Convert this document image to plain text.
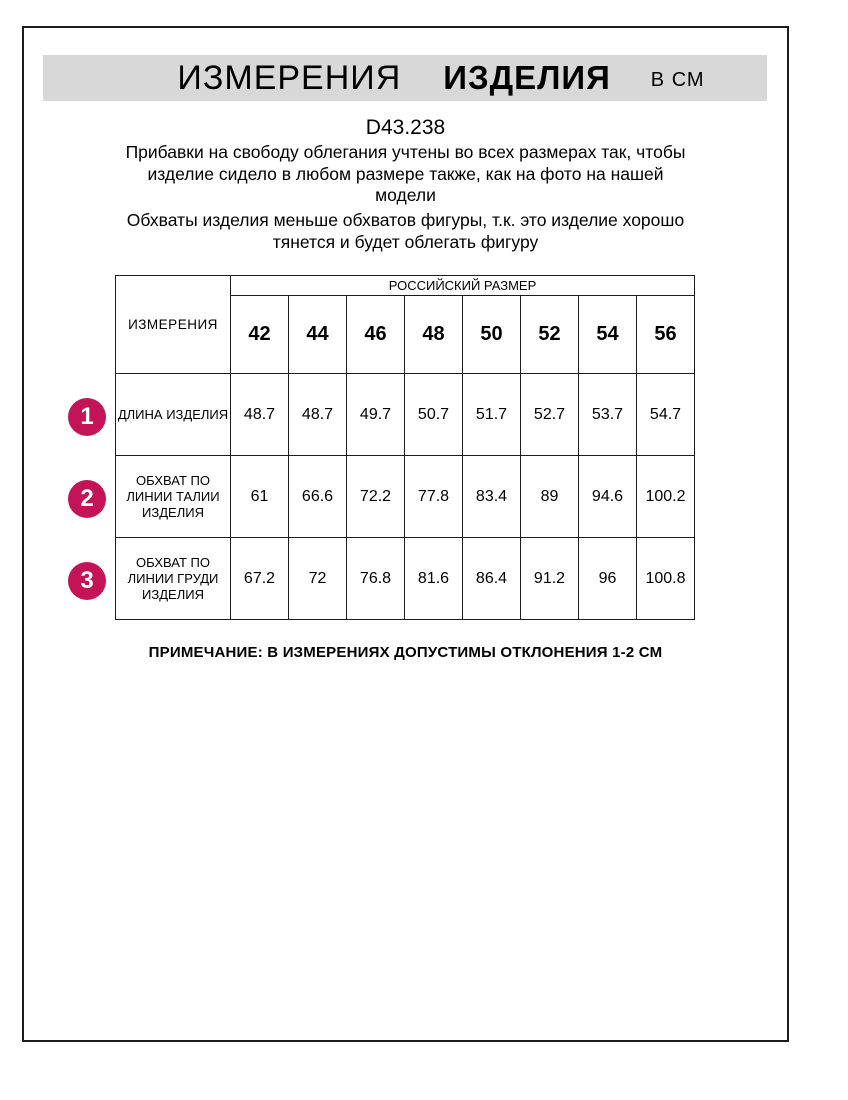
ИЗМЕРЕНИЯ ИЗДЕЛИЯ В СМ
D43.238
Прибавки на свободу облегания учтены во всех размерах так, чтобы
изделие сидело в любом размере также, как на фото на нашей
модели
Обхваты изделия меньше обхватов фигуры, т.к. это изделие хорошо
тянется и будет облегать фигуру
1
2
3
ИЗМЕРЕНИЯ	РОССИЙСКИЙ РАЗМЕР							
	42	44	46	48	50	52	54	56
ДЛИНА ИЗДЕЛИЯ	48.7	48.7	49.7	50.7	51.7	52.7	53.7	54.7
ОБХВАТ ПО ЛИНИИ ТАЛИИ ИЗДЕЛИЯ	61	66.6	72.2	77.8	83.4	89	94.6	100.2
ОБХВАТ ПО ЛИНИИ ГРУДИ ИЗДЕЛИЯ	67.2	72	76.8	81.6	86.4	91.2	96	100.8
ПРИМЕЧАНИЕ: В ИЗМЕРЕНИЯХ ДОПУСТИМЫ ОТКЛОНЕНИЯ 1-2 СМ
